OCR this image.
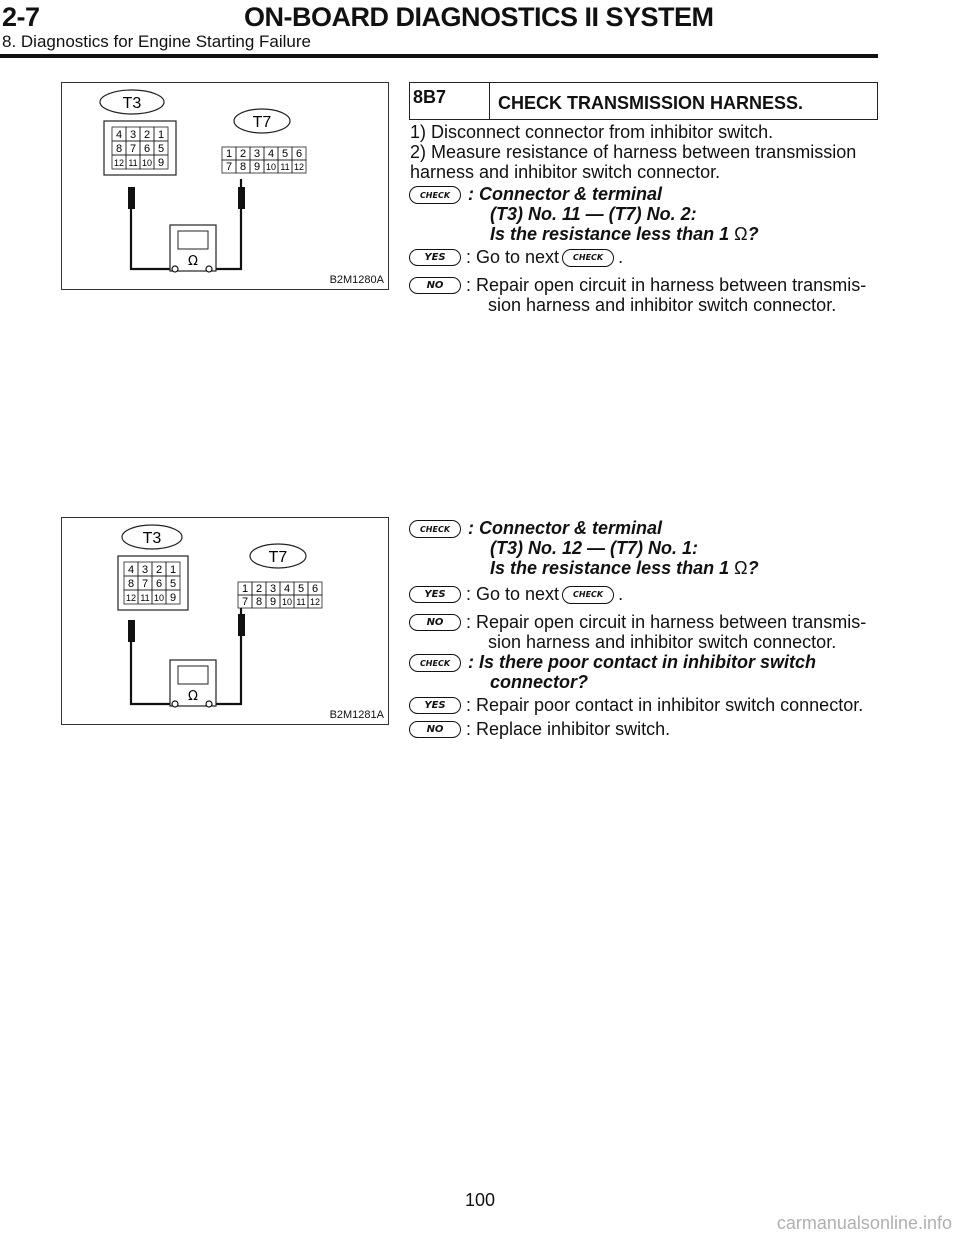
2-7	ON-BOARD DIAGNOSTICS II SYSTEM
8. Diagnostics for Engine Starting Failure
T3
4 3 2 1
8 7 6 5
12 11 10 9
T7
1 2 3 4 5 6
7 8 9 10 11 12
Ω
B2M1280A
8B7	CHECK TRANSMISSION HARNESS.
1) Disconnect connector from inhibitor switch.
2) Measure resistance of harness between transmission
harness and inhibitor switch connector.
CHECK : Connector & terminal
(T3) No. 11 — (T7) No. 2:
Is the resistance less than 1 Ω?
YES	: Go to next CHECK .
NO	: Repair open circuit in harness between transmis-
sion harness and inhibitor switch connector.
T3
4 3 2 1
8 7 6 5
12 11 10 9
T7
1 2 3 4 5 6
7 8 9 10 11 12
Ω
B2M1281A
CHECK : Connector & terminal
(T3) No. 12 — (T7) No. 1:
Is the resistance less than 1 Ω?
YES	: Go to next CHECK .
NO	: Repair open circuit in harness between transmis-
sion harness and inhibitor switch connector.
CHECK : Is there poor contact in inhibitor switch
connector?
YES	: Repair poor contact in inhibitor switch connector.
NO	: Replace inhibitor switch.
100
carmanualsonline.info
